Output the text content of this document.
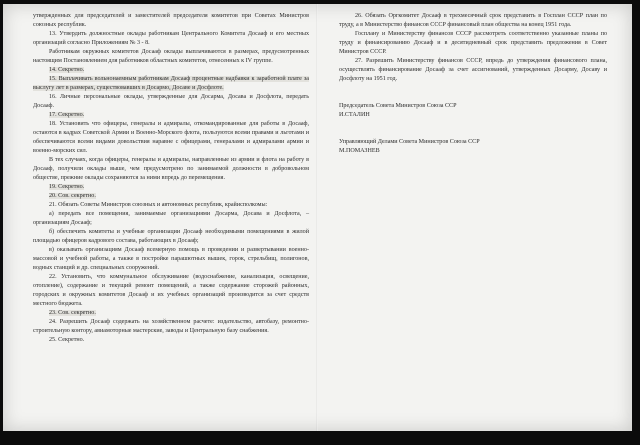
утвержденных для председателей и заместителей председателя комитетов при Советах Министров союзных республик.

13. Утвердить должностные оклады работникам Центрального Комитета Досааф и его местных организаций согласно Приложениям № 3 - 8.

Работникам окружных комитетов Досааф оклады выплачиваются в размерах, предусмотренных настоящим Постановлением для работников областных комитетов, отнесенных к IV группе.

14. Секретно.

15. Выплачивать вольнонаемным работникам Досааф процентные надбавки к заработной плате за выслугу лет в размерах, существовавших в Досармо, Досаве и Досфлоте.

16. Личные персональные оклады, утвержденные для Досарма, Досава и Досфлота, передать Досааф.

17. Секретно.

18. Установить что офицеры, генералы и адмиралы, откомандированные для работы в Досааф, остаются в кадрах Советской Армии и Военно-Морского флота, пользуются всеми правами и льготами и обеспечиваются всеми видами довольствия наравне с офицерами, генералами и адмиралами армии и военно-морских сил.

В тех случаях, когда офицеры, генералы и адмиралы, направленные из армии и флота на работу в Досааф, получили оклады выше, чем предусмотрено по занимаемой должности в добровольном обществе, прежние оклады сохраняются за ними впредь до перемещения.

19. Секретно.

20. Сов. секретно.

21. Обязать Советы Министров союзных и автономных республик, крайисполкомы:

а) передать все помещения, занимаемые организациями Досарма, Досава и Досфлота, – организациям Досааф;

б) обеспечить комитеты и учебные организации Досааф необходимыми помещениями в жилой площадью офицеров кадрового состава, работающих в Досааф;

в) оказывать организациям Досааф всемерную помощь в проведении и развертывании военно-массовой и учебной работы, а также в постройке парашютных вышек, горок, стрельбищ, полигонов, водных станций и др. специальных сооружений.

22. Установить, что коммунальное обслуживание (водоснабжение, канализация, освещение, отопление), содержание и текущий ремонт помещений, а также содержание сторожей районных, городских и окружных комитетов Досааф и их учебных организаций производится за счет средств местного бюджета.

23. Сов. секретно.

24. Разрешить Досааф содержать на хозяйственном расчете: издательство, автобазу, ремонтно-строительную контору, авиамоторные мастерские, заводы и Центральную базу снабжения.

25. Секретно.

26. Обязать Оргкомитет Досааф в трехмесячный срок представить в Госплан СССР план по труду, а в Министерство финансов СССР финансовый план общества на конец 1951 года.

Госплану и Министерству финансов СССР рассмотреть соответственно указанные планы по труду и финансированию Досааф и в десятидневный срок представить предложения в Совет Министров СССР.

27. Разрешить Министерству финансов СССР, впредь до утверждения финансового плана, осуществлять финансирование Досааф за счет ассигнований, утвержденных Досарму, Досаву и Досфлоту на 1951 год.

Председатель Совета Министров Союза ССР

И.СТАЛИН

Управляющий Делами Совета Министров Союза ССР

М.ПОМАЗНЕВ
